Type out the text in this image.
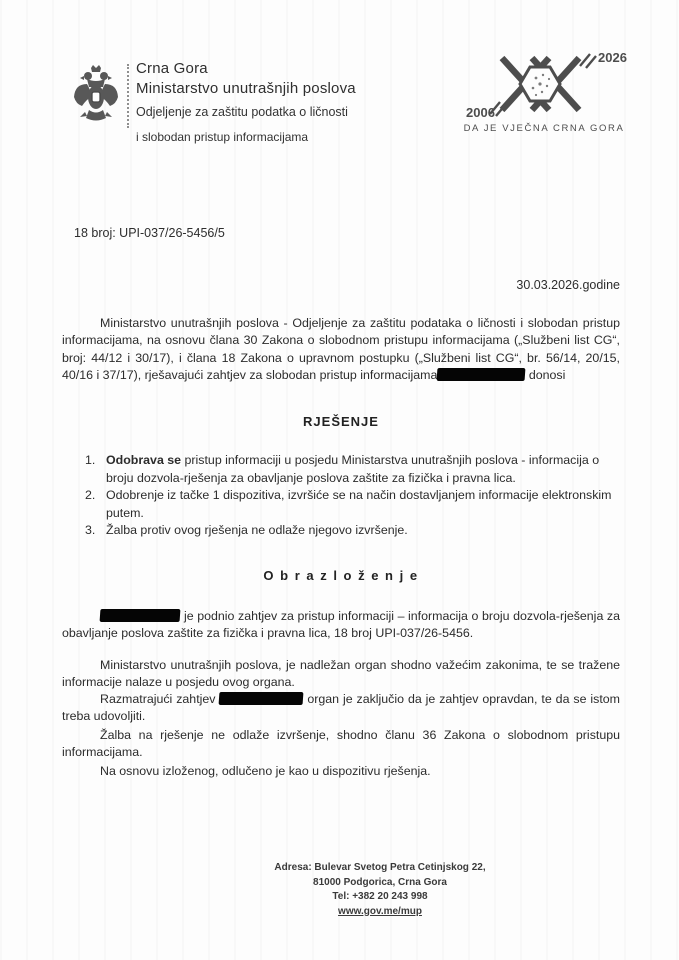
Crna Gora
Ministarstvo unutrašnjih poslova
Odjeljenje za zaštitu podatka o ličnosti
i slobodan pristup informacijama
2006
2026
DA JE VJEČNA CRNA GORA
18 broj: UPI-037/26-5456/5
30.03.2026.godine

Ministarstvo unutrašnjih poslova - Odjeljenje za zaštitu podataka o ličnosti i slobodan pristup informacijama, na osnovu člana 30 Zakona o slobodnom pristupu informacijama („Službeni list CG“, broj: 44/12 i 30/17), i člana 18 Zakona o upravnom postupku („Službeni list CG“, br. 56/14, 20/15, 40/16 i 37/17), rješavajući zahtjev za slobodan pristup informacijama	donosi

RJEŠENJE
1. Odobrava se pristup informaciji u posjedu Ministarstva unutrašnjih poslova - informacija o broju dozvola-rješenja za obavljanje poslova zaštite za fizička i pravna lica.
2. Odobrenje iz tačke 1 dispozitiva, izvršiće se na način dostavljanjem informacije elektronskim putem.
3. Žalba protiv ovog rješenja ne odlaže njegovo izvršenje.
O b r a z l o ž e n j e

je podnio zahtjev za pristup informaciji – informacija o broju dozvola-rješenja za obavljanje poslova zaštite za fizička i pravna lica, 18 broj UPI-037/26-5456.

Ministarstvo unutrašnjih poslova, je nadležan organ shodno važećim zakonima, te se tražene informacije nalaze u posjedu ovog organa.

Razmatrajući zahtjev	organ je zaključio da je zahtjev opravdan, te da se istom treba udovoljiti.

Žalba na rješenje ne odlaže izvršenje, shodno članu 36 Zakona o slobodnom pristupu informacijama.

Na osnovu izloženog, odlučeno je kao u dispozitivu rješenja.

Adresa: Bulevar Svetog Petra Cetinjskog 22,
81000 Podgorica, Crna Gora
Tel: +382 20 243 998
www.gov.me/mup
